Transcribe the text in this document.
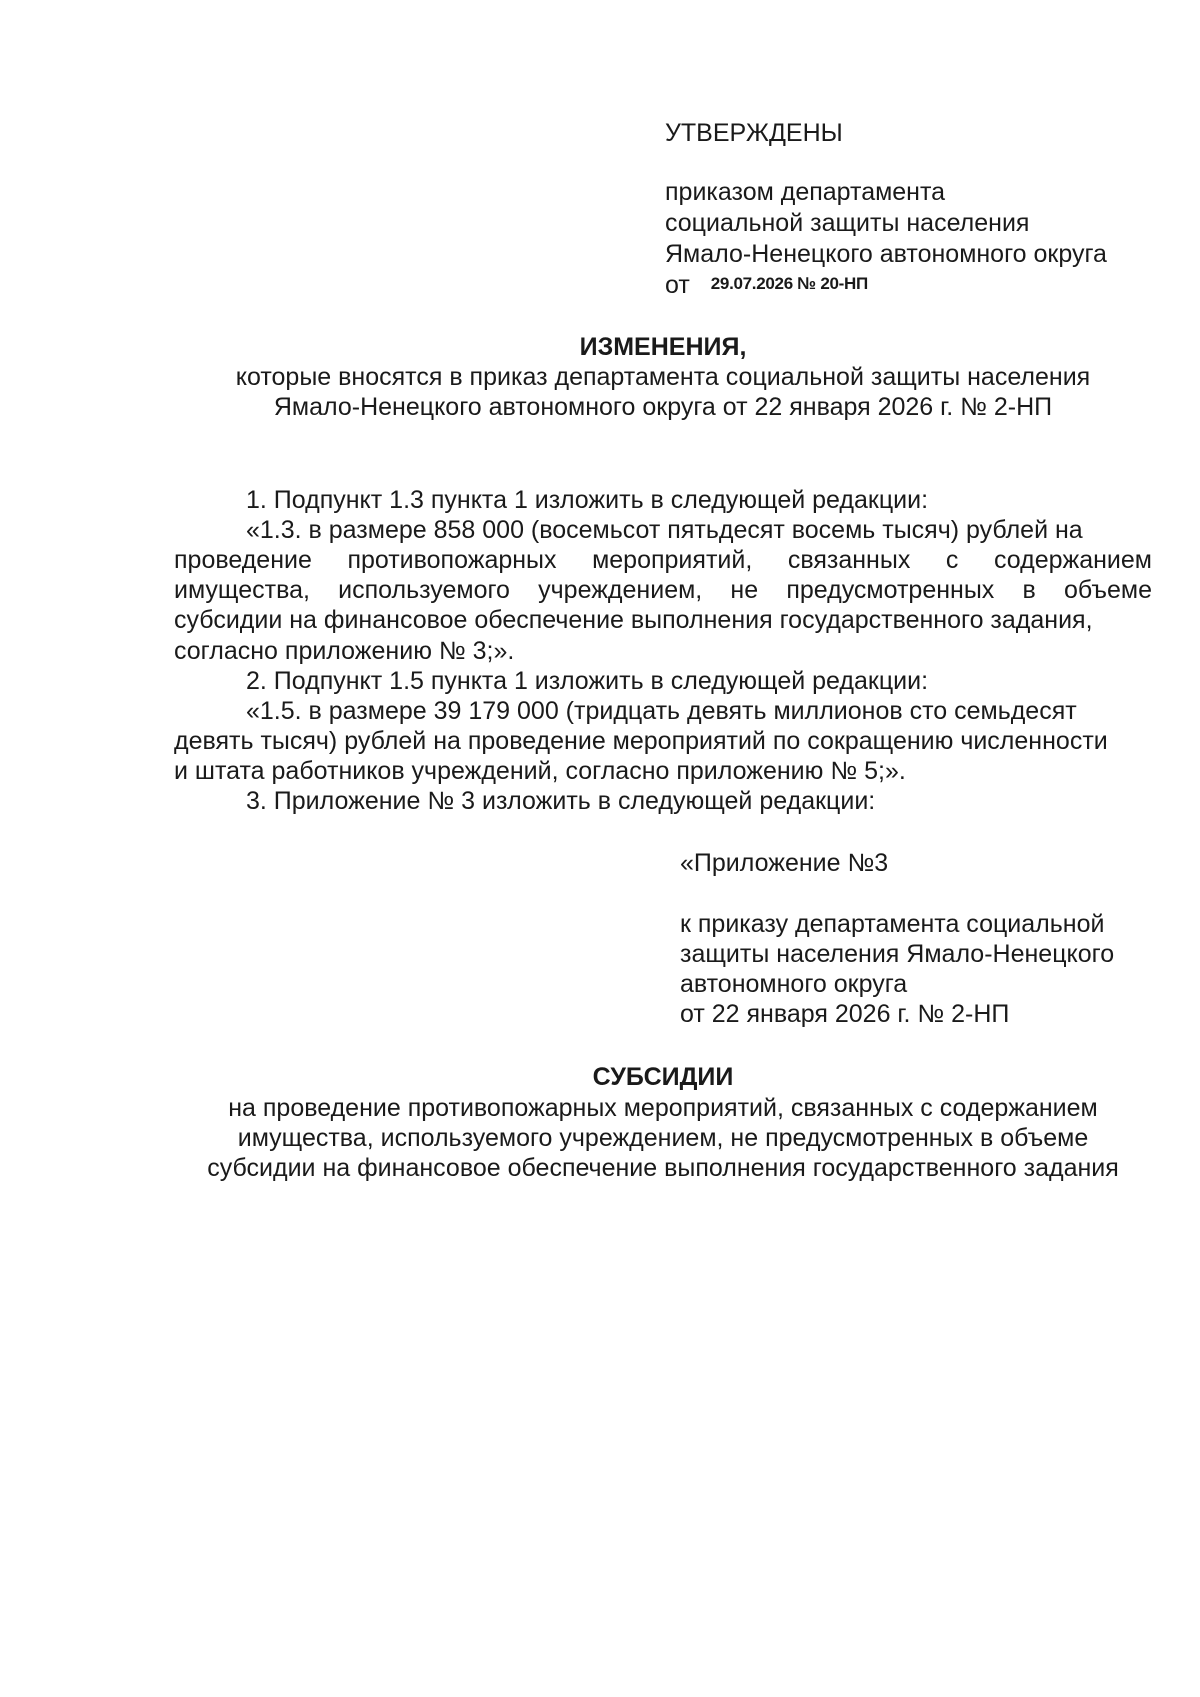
УТВЕРЖДЕНЫ
приказом департамента
социальной защиты населения
Ямало-Ненецкого автономного округа
от 29.07.2026 № 20-НП
ИЗМЕНЕНИЯ,
которые вносятся в приказ департамента социальной защиты населения
Ямало-Ненецкого автономного округа от 22 января 2026 г. № 2-НП
1. Подпункт 1.3 пункта 1 изложить в следующей редакции:
«1.3. в размере 858 000 (восемьсот пятьдесят восемь тысяч) рублей на
проведение противопожарных мероприятий, связанных с содержанием
имущества, используемого учреждением, не предусмотренных в объеме
субсидии на финансовое обеспечение выполнения государственного задания,
согласно приложению № 3;».
2. Подпункт 1.5 пункта 1 изложить в следующей редакции:
«1.5. в размере 39 179 000 (тридцать девять миллионов сто семьдесят
девять тысяч) рублей на проведение мероприятий по сокращению численности
и штата работников учреждений, согласно приложению № 5;».
3. Приложение № 3 изложить в следующей редакции:
«Приложение №3
к приказу департамента социальной
защиты населения Ямало-Ненецкого
автономного округа
от 22 января 2026 г. № 2-НП
СУБСИДИИ
на проведение противопожарных мероприятий, связанных с содержанием
имущества, используемого учреждением, не предусмотренных в объеме
субсидии на финансовое обеспечение выполнения государственного задания
